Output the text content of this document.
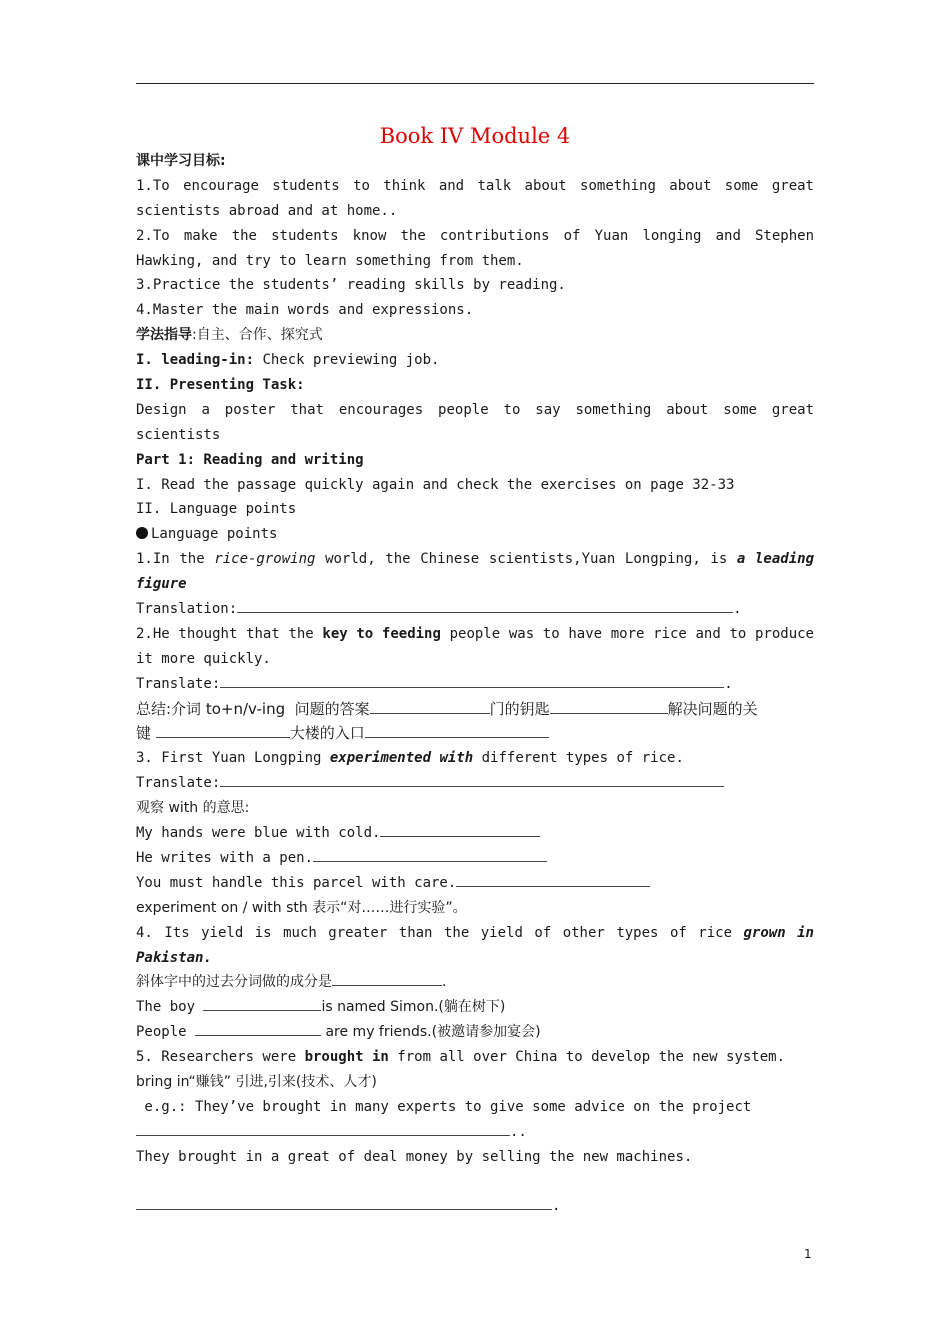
Book IV Module 4
课中学习目标:
1.To encourage students to think and talk about something about some great
scientists abroad and at home..
2.To make the students know the contributions of Yuan longing and Stephen
Hawking, and try to learn something from them.
3.Practice the students’ reading skills by reading.
4.Master the main words and expressions.
学法指导:自主、合作、探究式
I. leading-in: Check previewing job.
II. Presenting Task:
Design a poster that encourages people to say something about some great
scientists
Part 1: Reading and writing
I. Read the passage quickly again and check the exercises on page 32-33
II. Language points
Language points
1.In the rice-growing world, the Chinese scientists,Yuan Longping, is a leading
figure
Translation:	.
2.He thought that the key to feeding people was to have more rice and to produce
it more quickly.
Translate:	.
总结:介词 to+n/v-ing  问题的答案	门的钥匙	解决问题的关
键	大楼的入口
3. First Yuan Longping experimented with different types of rice.
Translate:
观察 with 的意思:
My hands were blue with cold.
He writes with a pen.
You must handle this parcel with care.
experiment on / with sth 表示“对……进行实验”。
4. Its yield is much greater than the yield of other types of rice grown in
Pakistan.
斜体字中的过去分词做的成分是	.
The boy	is named Simon.(躺在树下)
People	are my friends.(被邀请参加宴会)
5. Researchers were brought in from all over China to develop the new system.
bring in“赚钱” 引进,引来(技术、人才)
e.g.: They’ve brought in many experts to give some advice on the project
..
They brought in a great of deal money by selling the new machines.
.
1
